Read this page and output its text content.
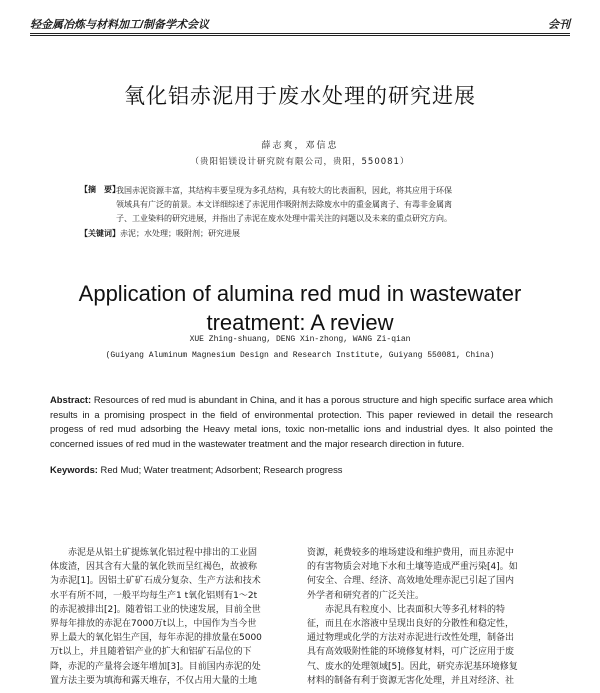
轻金属冶炼与材料加工/制备学术会议	会刊
氧化铝赤泥用于废水处理的研究进展
薛志爽，邓信忠
（贵阳铝镁设计研究院有限公司，贵阳，550081）
【摘　要】
我国赤泥资源丰富，其结构丰要呈现为多孔结构，具有较大的比表面积，因此，将其应用于环保
领域具有广泛的前景。本文详细综述了赤泥用作吸附剂去除废水中的重金属离子、有毒非金属离
子、工业染料的研究进展，并指出了赤泥在废水处理中需关注的问题以及未来的重点研究方向。
【关键词】赤泥；水处理；吸附剂；研究进展
Application of alumina red mud in wastewater
treatment: A review
XUE Zhing-shuang, DENG Xin-zhong, WANG Zi-qian
(Guiyang Aluminum Magnesium Design and Research Institute, Guiyang 550081, China)
Abstract: Resources of red mud is abundant in China, and it has a porous structure and high specific surface area which results in a promising prospect in the field of environmental protection. This paper reviewed in detail the research progess of red mud adsorbing the Heavy metal ions, toxic non-metallic ions and industrial dyes. It also pointed the concerned issues of red mud in the wastewater treatment and the major research direction in future.
Keywords: Red Mud; Water treatment; Adsorbent; Research progress
赤泥是从铝土矿提炼氧化铝过程中排出的工业固
体废渣，因其含有大量的氧化铁而呈红褐色，故被称
为赤泥[1]。因铝土矿矿石成分复杂、生产方法和技术
水平有所不同，一般平均每生产1 t氧化铝则有1～2t
的赤泥被排出[2]。随着铝工业的快速发展，目前全世
界每年排放的赤泥在7000万t以上，中国作为当今世
界上最大的氧化铝生产国，每年赤泥的排放量在5000
万t以上，并且随着铝产业的扩大和铝矿石品位的下
降，赤泥的产量将会逐年增加[3]。目前国内赤泥的处
置方法主要为填海和露天堆存，不仅占用大量的土地
资源，耗费较多的堆场建设和维护费用，而且赤泥中
的有害物质会对地下水和土壤等造成严重污染[4]。如
何安全、合理、经济、高效地处理赤泥已引起了国内
外学者和研究者的广泛关注。
赤泥具有粒度小、比表面积大等多孔材料的特
征，而且在水溶液中呈现出良好的分散性和稳定性，
通过物理或化学的方法对赤泥进行改性处理，制备出
具有高效吸附性能的环境修复材料，可广泛应用于废
气、废水的处理领域[5]。因此，研究赤泥基环境修复
材料的制备有利于资源无害化处理，并且对经济、社
